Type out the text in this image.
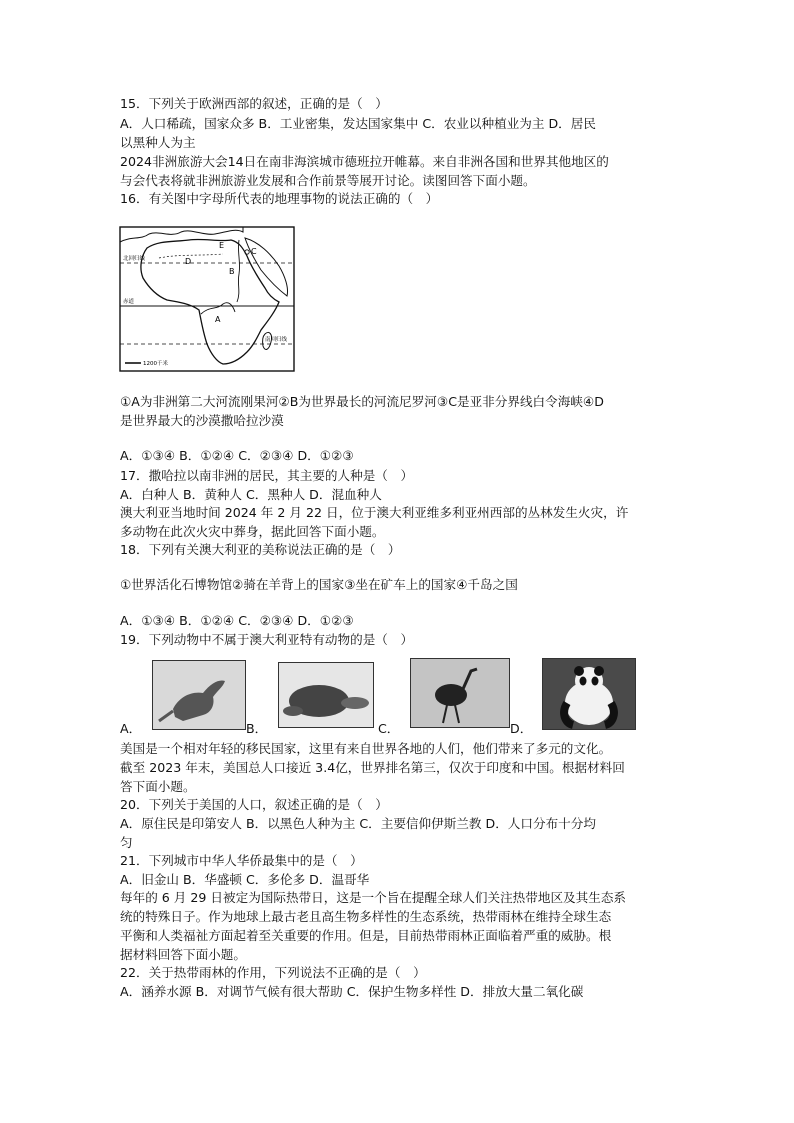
15．下列关于欧洲西部的叙述，正确的是（　）
A．人口稀疏，国家众多 B．工业密集，发达国家集中 C．农业以种植业为主 D．居民
以黑种人为主
2024非洲旅游大会14日在南非海滨城市德班拉开帷幕。来自非洲各国和世界其他地区的
与会代表将就非洲旅游业发展和合作前景等展开讨论。读图回答下面小题。
16．有关图中字母所代表的地理事物的说法正确的（　）
E
C
B
D
A
北回归线
赤道
南回归线
1200千米
①A为非洲第二大河流刚果河②B为世界最长的河流尼罗河③C是亚非分界线白令海峡④D
是世界最大的沙漠撒哈拉沙漠
A．①③④ B．①②④ C．②③④ D．①②③
17．撒哈拉以南非洲的居民，其主要的人种是（　）
A．白种人 B．黄种人 C．黑种人 D．混血种人
澳大利亚当地时间 2024 年 2 月 22 日，位于澳大利亚维多利亚州西部的丛林发生火灾，许
多动物在此次火灾中葬身，据此回答下面小题。
18．下列有关澳大利亚的美称说法正确的是（　）
①世界活化石博物馆②骑在羊背上的国家③坐在矿车上的国家④千岛之国
A．①③④ B．①②④ C．②③④ D．①②③
19．下列动物中不属于澳大利亚特有动物的是（　）
A．	B．	C．	D．
美国是一个相对年轻的移民国家，这里有来自世界各地的人们，他们带来了多元的文化。
截至 2023 年末，美国总人口接近 3.4亿，世界排名第三，仅次于印度和中国。根据材料回
答下面小题。
20．下列关于美国的人口，叙述正确的是（　）
A．原住民是印第安人 B．以黑色人种为主 C．主要信仰伊斯兰教 D．人口分布十分均
匀
21．下列城市中华人华侨最集中的是（　）
A．旧金山 B．华盛顿 C．多伦多 D．温哥华
每年的 6 月 29 日被定为国际热带日，这是一个旨在提醒全球人们关注热带地区及其生态系
统的特殊日子。作为地球上最古老且高生物多样性的生态系统，热带雨林在维持全球生态
平衡和人类福祉方面起着至关重要的作用。但是，目前热带雨林正面临着严重的威胁。根
据材料回答下面小题。
22．关于热带雨林的作用，下列说法不正确的是（　）
A．涵养水源 B．对调节气候有很大帮助 C．保护生物多样性 D．排放大量二氧化碳
